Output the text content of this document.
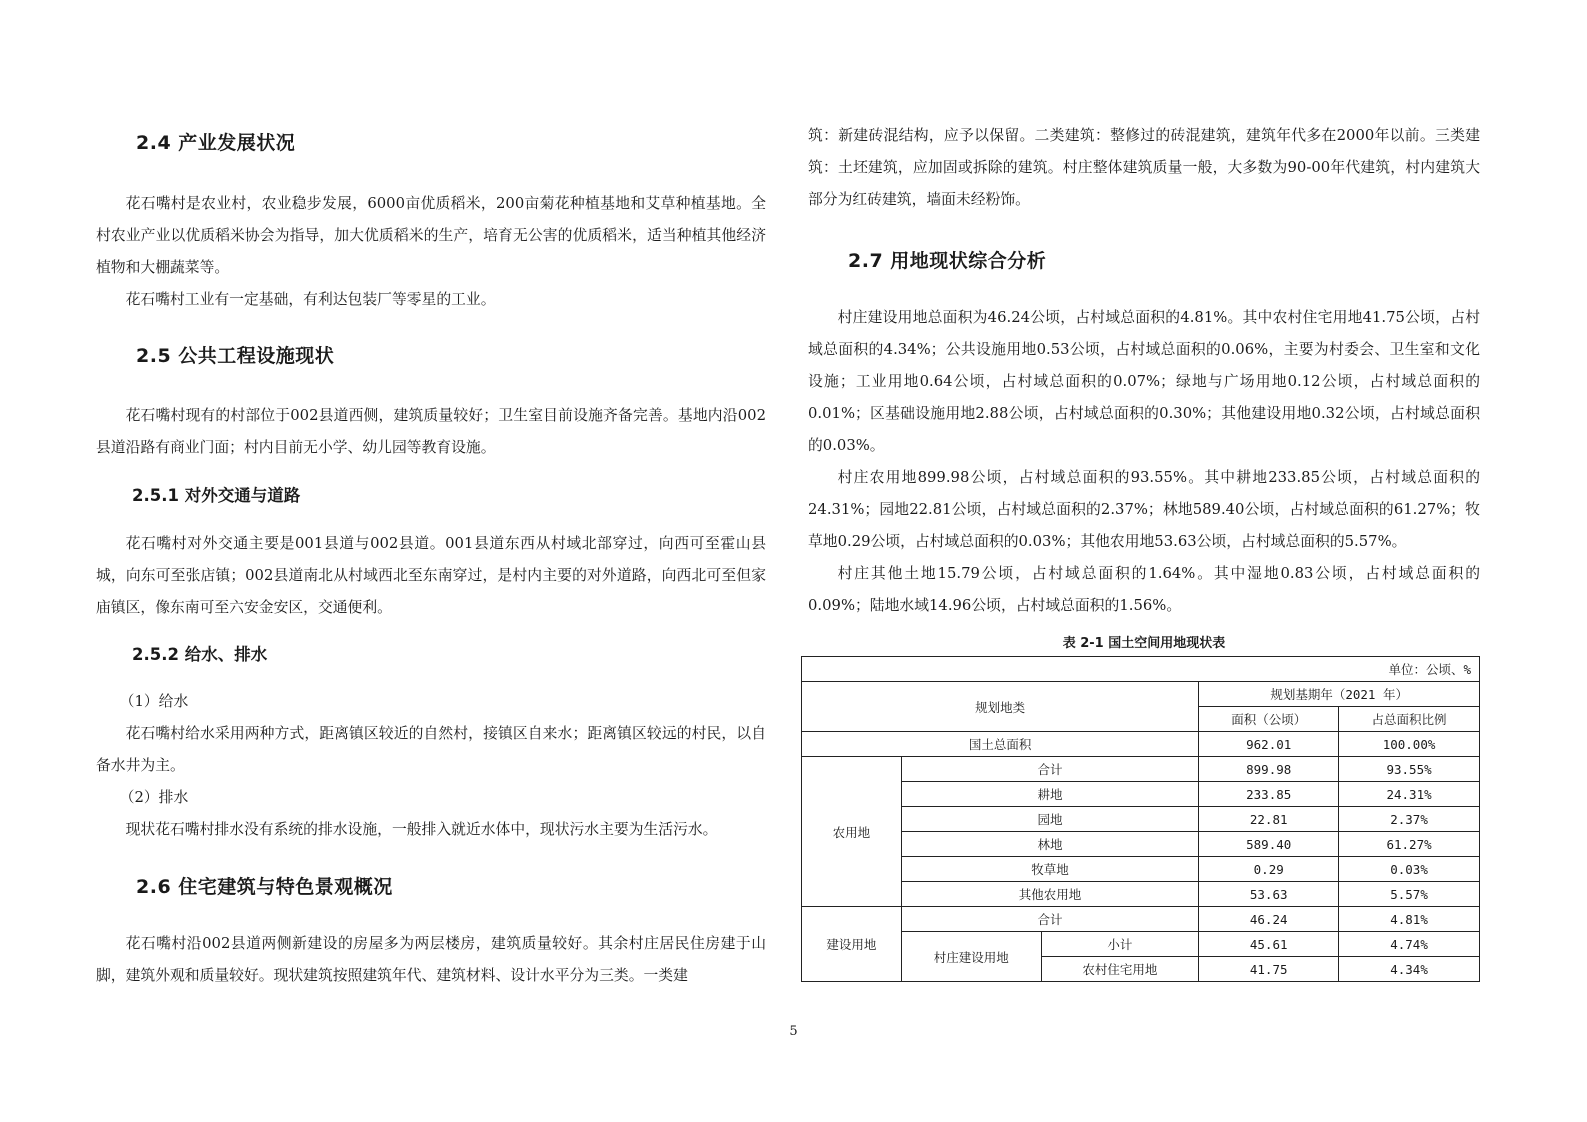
2.4 产业发展状况

花石嘴村是农业村，农业稳步发展，6000亩优质稻米，200亩菊花种植基地和艾草种植基地。全村农业产业以优质稻米协会为指导，加大优质稻米的生产，培育无公害的优质稻米，适当种植其他经济植物和大棚蔬菜等。

花石嘴村工业有一定基础，有利达包装厂等零星的工业。

2.5 公共工程设施现状

花石嘴村现有的村部位于002县道西侧，建筑质量较好；卫生室目前设施齐备完善。基地内沿002县道沿路有商业门面；村内目前无小学、幼儿园等教育设施。

2.5.1 对外交通与道路

花石嘴村对外交通主要是001县道与002县道。001县道东西从村域北部穿过，向西可至霍山县城，向东可至张店镇；002县道南北从村域西北至东南穿过，是村内主要的对外道路，向西北可至但家庙镇区，像东南可至六安金安区，交通便利。

2.5.2 给水、排水

（1）给水

花石嘴村给水采用两种方式，距离镇区较近的自然村，接镇区自来水；距离镇区较远的村民，以自备水井为主。

（2）排水

现状花石嘴村排水没有系统的排水设施，一般排入就近水体中，现状污水主要为生活污水。

2.6 住宅建筑与特色景观概况

花石嘴村沿002县道两侧新建设的房屋多为两层楼房，建筑质量较好。其余村庄居民住房建于山脚，建筑外观和质量较好。现状建筑按照建筑年代、建筑材料、设计水平分为三类。一类建

筑：新建砖混结构，应予以保留。二类建筑：整修过的砖混建筑，建筑年代多在2000年以前。三类建筑：土坯建筑，应加固或拆除的建筑。村庄整体建筑质量一般，大多数为90-00年代建筑，村内建筑大部分为红砖建筑，墙面未经粉饰。

2.7 用地现状综合分析

村庄建设用地总面积为46.24公顷，占村域总面积的4.81%。其中农村住宅用地41.75公顷，占村域总面积的4.34%；公共设施用地0.53公顷，占村域总面积的0.06%，主要为村委会、卫生室和文化设施；工业用地0.64公顷，占村域总面积的0.07%；绿地与广场用地0.12公顷，占村域总面积的0.01%；区基础设施用地2.88公顷，占村域总面积的0.30%；其他建设用地0.32公顷，占村域总面积的0.03%。

村庄农用地899.98公顷，占村域总面积的93.55%。其中耕地233.85公顷，占村域总面积的24.31%；园地22.81公顷，占村域总面积的2.37%；林地589.40公顷，占村域总面积的61.27%；牧草地0.29公顷，占村域总面积的0.03%；其他农用地53.63公顷，占村域总面积的5.57%。

村庄其他土地15.79公顷，占村域总面积的1.64%。其中湿地0.83公顷，占村域总面积的0.09%；陆地水域14.96公顷，占村域总面积的1.56%。

表 2-1 国土空间用地现状表
单位：公顷、%				
规划地类			规划基期年（2021 年）	
			面积（公顷）	占总面积比例
国土总面积			962.01	100.00%
农用地	合计		899.98	93.55%
	耕地		233.85	24.31%
	园地		22.81	2.37%
	林地		589.40	61.27%
	牧草地		0.29	0.03%
	其他农用地		53.63	5.57%
建设用地	合计		46.24	4.81%
	村庄建设用地	小计	45.61	4.74%
		农村住宅用地	41.75	4.34%
5
